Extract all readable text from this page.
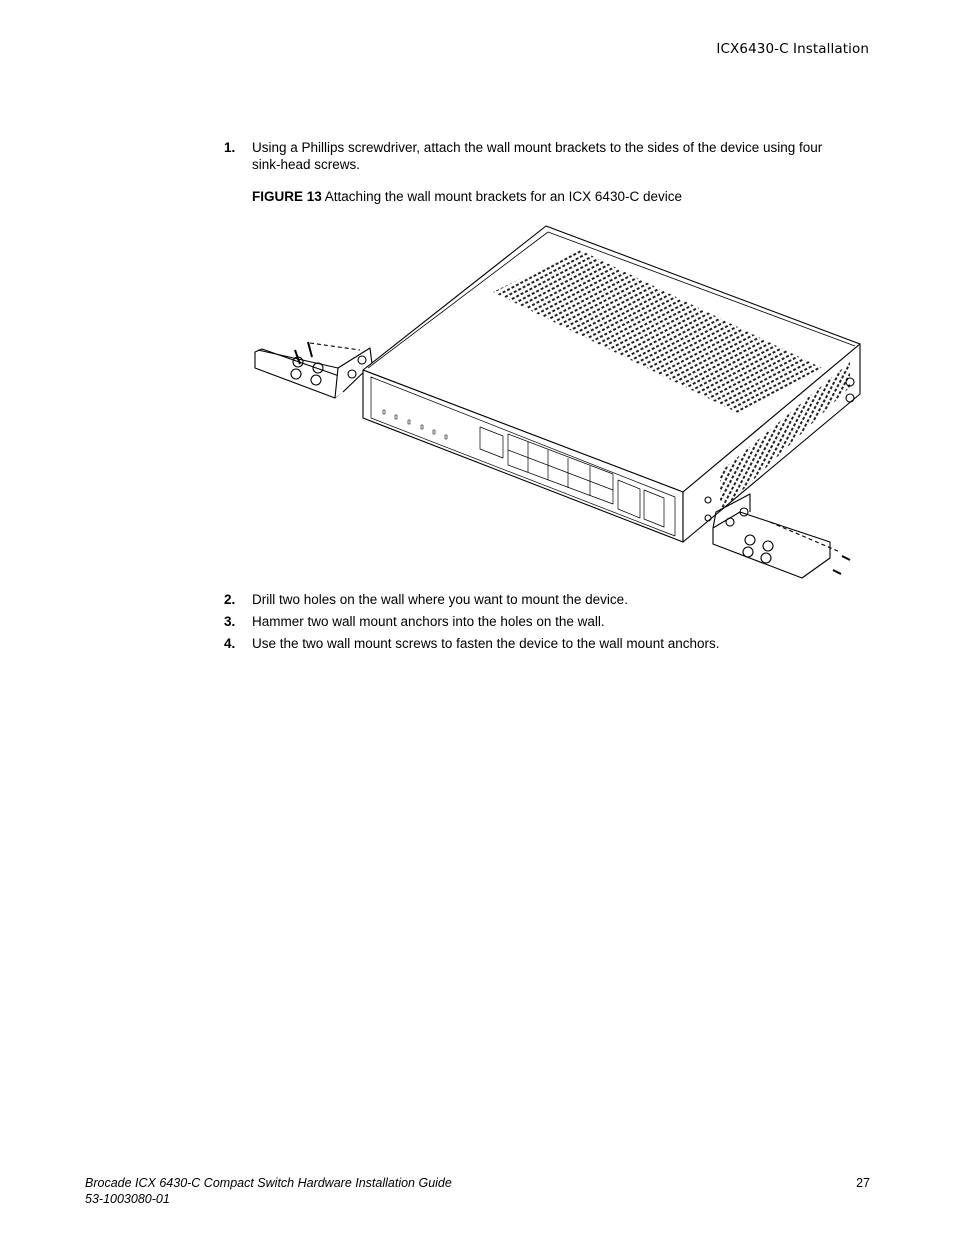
ICX6430-C Installation
1. Using a Phillips screwdriver, attach the wall mount brackets to the sides of the device using four sink-head screws.
FIGURE 13 Attaching the wall mount brackets for an ICX 6430-C device
2. Drill two holes on the wall where you want to mount the device.
3. Hammer two wall mount anchors into the holes on the wall.
4. Use the two wall mount screws to fasten the device to the wall mount anchors.
Brocade ICX 6430-C Compact Switch Hardware Installation Guide
53-1003080-01
27
